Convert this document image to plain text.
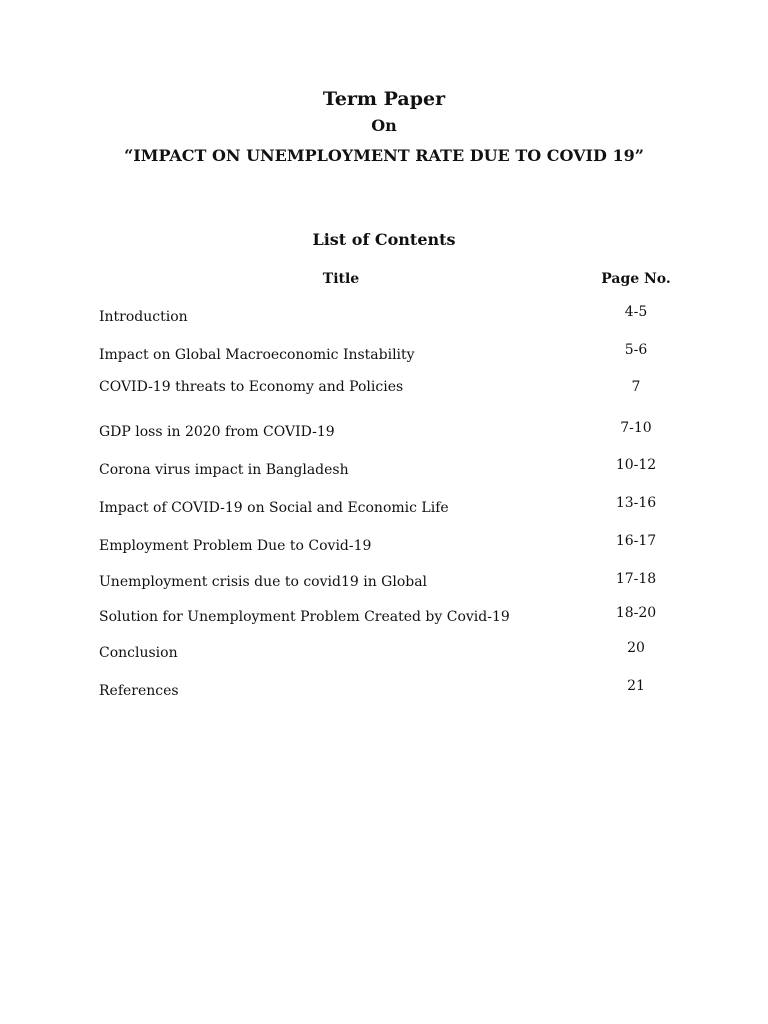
Term Paper
On
“IMPACT ON UNEMPLOYMENT RATE DUE TO COVID 19”
List of Contents
Title	Page No.
Introduction	4-5
Impact on Global Macroeconomic Instability	5-6
COVID-19 threats to Economy and Policies	7
GDP loss in 2020 from COVID-19	7-10
Corona virus impact in Bangladesh	10-12
Impact of COVID-19 on Social and Economic Life	13-16
Employment Problem Due to Covid-19	16-17
Unemployment crisis due to covid19 in Global	17-18
Solution for Unemployment Problem Created by Covid-19	18-20
Conclusion	20
References	21
